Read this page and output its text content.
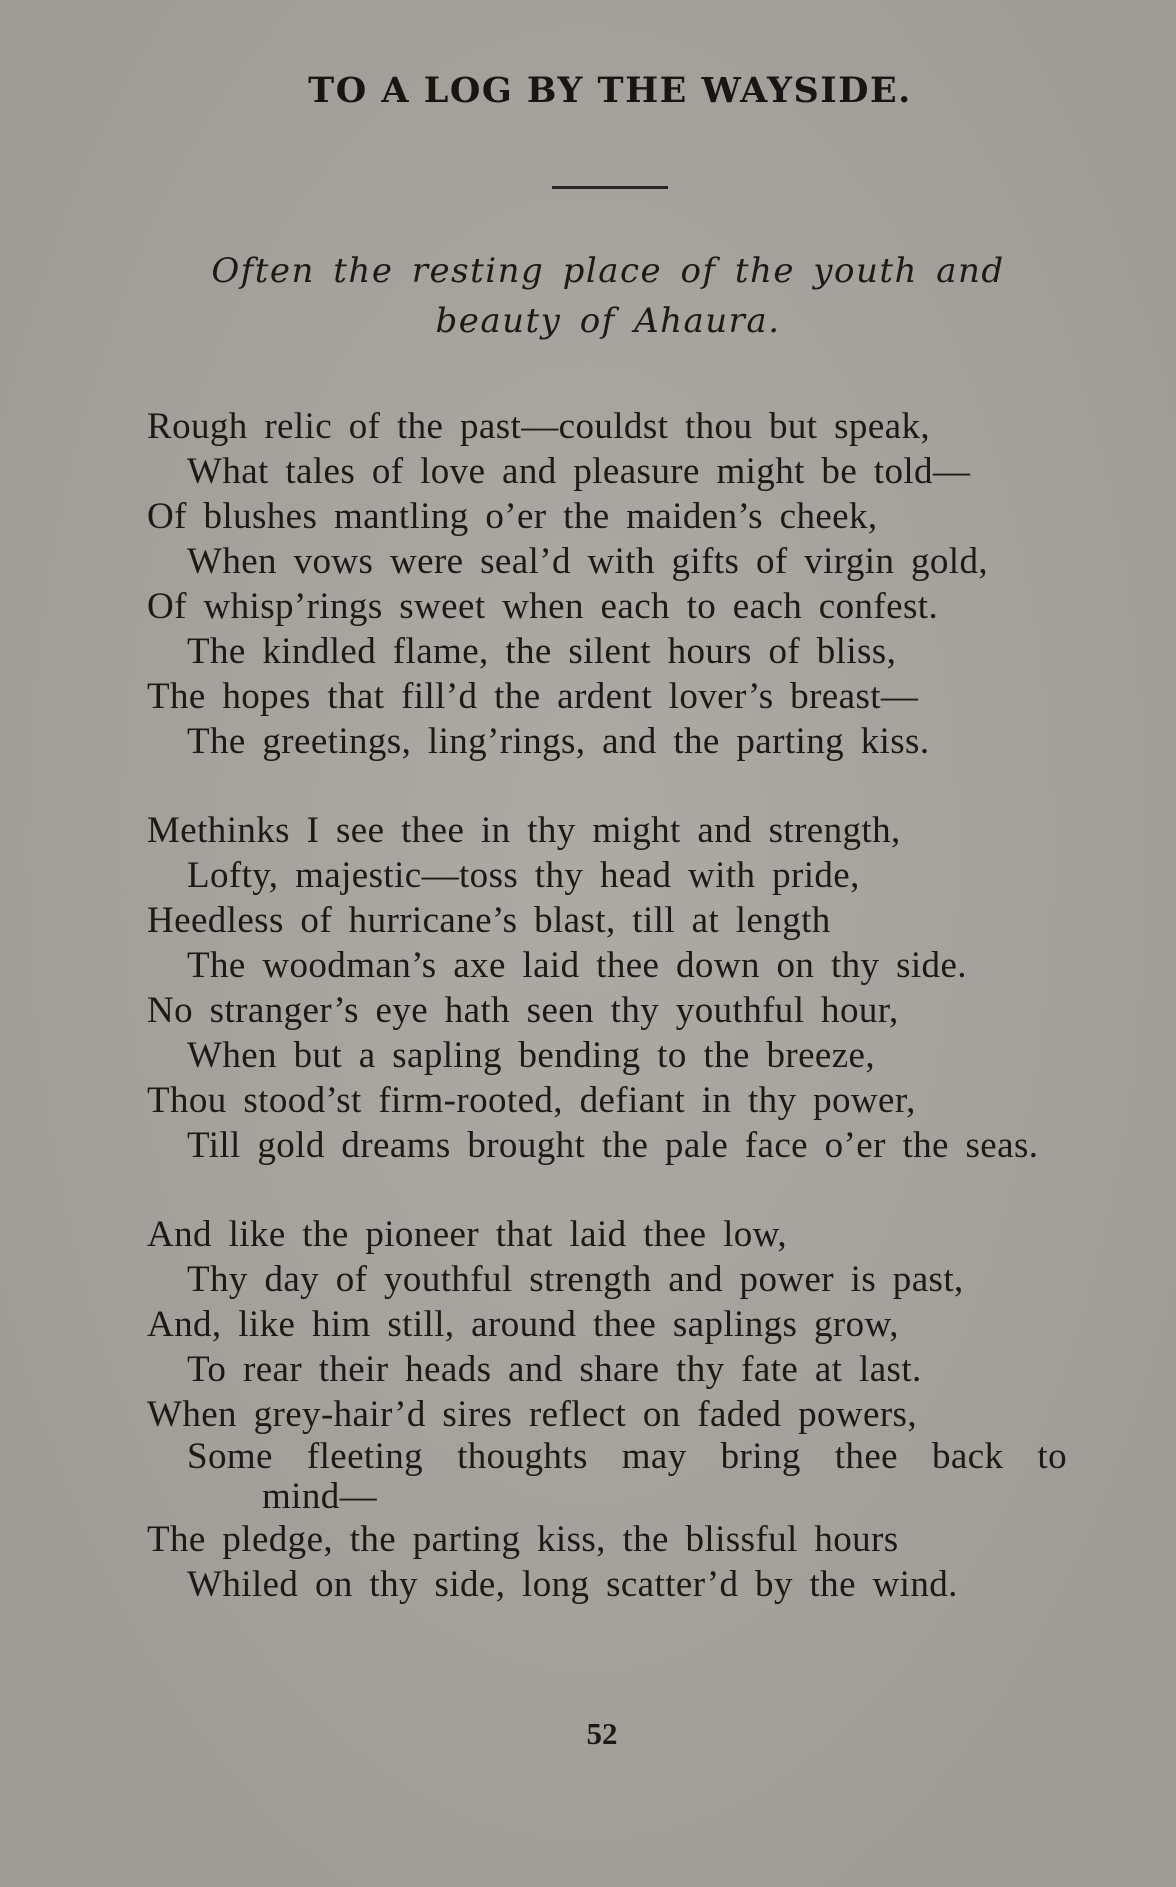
TO A LOG BY THE WAYSIDE.

Often the resting place of the youth and beauty of Ahaura.

Rough relic of the past—couldst thou but speak,
What tales of love and pleasure might be told—
Of blushes mantling o’er the maiden’s cheek,
When vows were seal’d with gifts of virgin gold,
Of whisp’rings sweet when each to each confest.
The kindled flame, the silent hours of bliss,
The hopes that fill’d the ardent lover’s breast—
The greetings, ling’rings, and the parting kiss.
Methinks I see thee in thy might and strength,
Lofty, majestic—toss thy head with pride,
Heedless of hurricane’s blast, till at length
The woodman’s axe laid thee down on thy side.
No stranger’s eye hath seen thy youthful hour,
When but a sapling bending to the breeze,
Thou stood’st firm-rooted, defiant in thy power,
Till gold dreams brought the pale face o’er the seas.
And like the pioneer that laid thee low,
Thy day of youthful strength and power is past,
And, like him still, around thee saplings grow,
To rear their heads and share thy fate at last.
When grey-hair’d sires reflect on faded powers,
Some fleeting thoughts may bring thee back to
mind—
The pledge, the parting kiss, the blissful hours
Whiled on thy side, long scatter’d by the wind.

52
